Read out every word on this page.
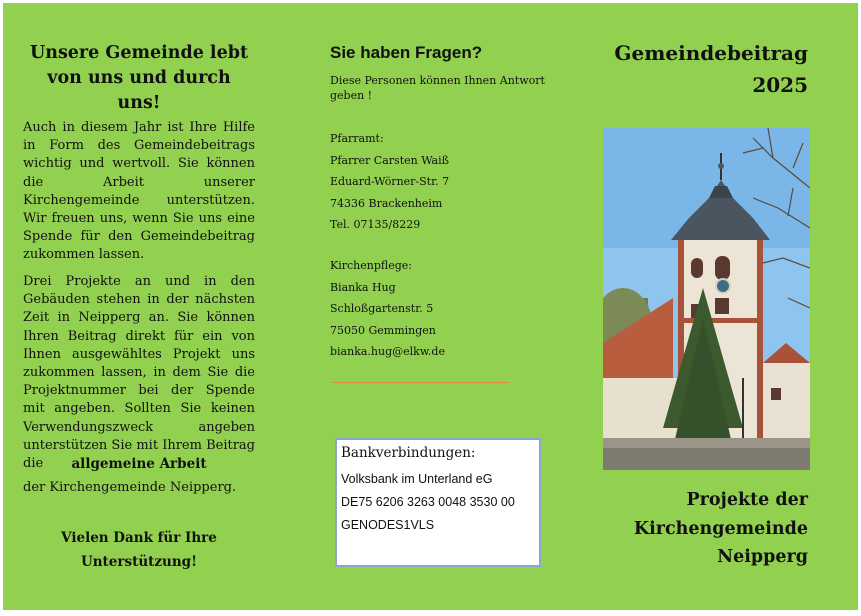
Unsere Gemeinde lebt von uns und durch uns!
Auch in diesem Jahr ist Ihre Hilfe in Form des Gemeindebeitrags wichtig und wertvoll. Sie können die Arbeit unserer Kirchengemeinde unterstützen. Wir freuen uns, wenn Sie uns eine Spende für den Gemeindebeitrag zukommen lassen.
Drei Projekte an und in den Gebäuden stehen in der nächsten Zeit in Neipperg an. Sie können Ihren Beitrag direkt für ein von Ihnen ausgewähltes Projekt uns zukommen lassen, in dem Sie die Projektnummer bei der Spende mit angeben. Sollten Sie keinen Verwendungszweck angeben unterstützen Sie mit Ihrem Beitrag die	allgemeine Arbeit
der Kirchengemeinde Neipperg.
Vielen Dank für Ihre Unterstützung!
Sie haben Fragen?
Diese Personen können Ihnen Antwort geben !
Pfarramt:
Pfarrer Carsten Waiß
Eduard-Wörner-Str. 7
74336 Brackenheim
Tel. 07135/8229
Kirchenpflege:
Bianka Hug
Schloßgartenstr. 5
75050 Gemmingen
bianka.hug@elkw.de
Bankverbindungen:
Volksbank im Unterland eG
DE75 6206 3263 0048 3530 00
GENODES1VLS
Gemeindebeitrag
2025
Projekte der Kirchengemeinde Neipperg
